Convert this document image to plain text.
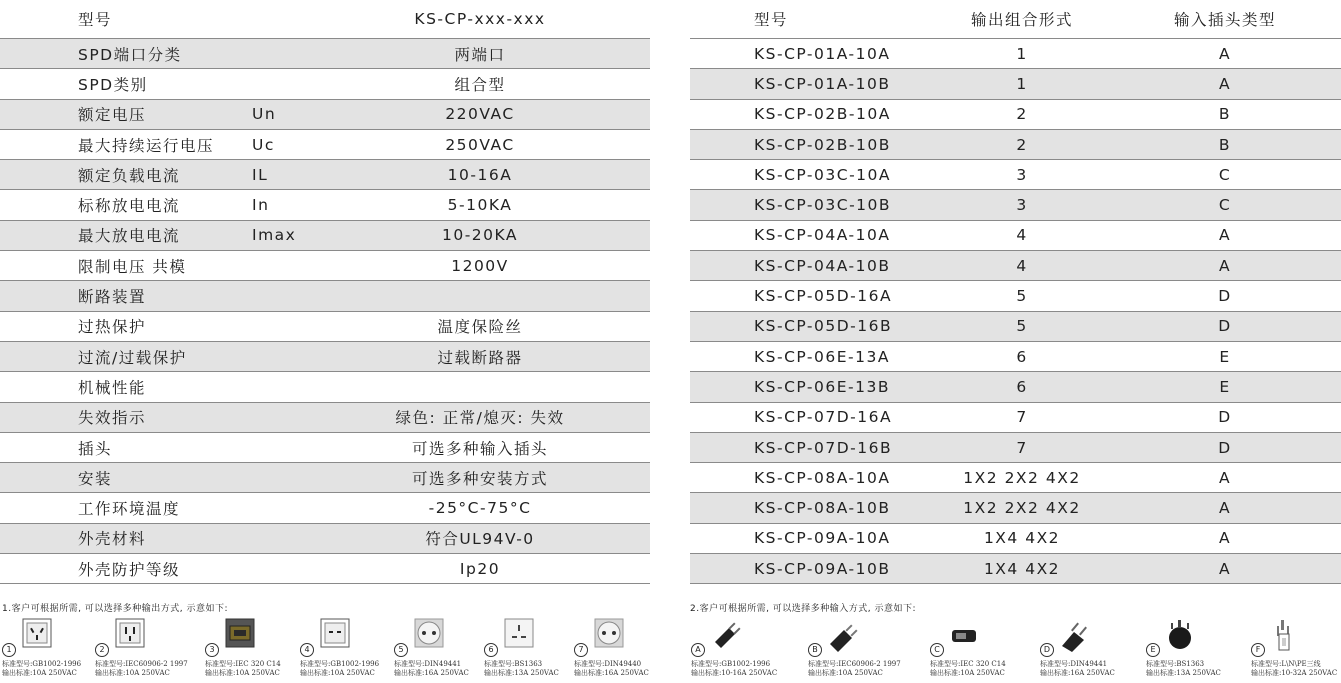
型号		KS-CP-xxx-xxx
SPD端口分类		两端口
SPD类别		组合型
额定电压	Un	220VAC
最大持续运行电压	Uc	250VAC
额定负载电流	IL	10-16A
标称放电电流	In	5-10KA
最大放电电流	Imax	10-20KA
限制电压 共模		1200V
断路装置		
过热保护		温度保险丝
过流/过载保护		过载断路器
机械性能		
失效指示		绿色: 正常/熄灭: 失效
插头		可选多种输入插头
安装		可选多种安装方式
工作环境温度		-25°C-75°C
外壳材料		符合UL94V-0
外壳防护等级		Ip20
1.客户可根据所需, 可以选择多种输出方式, 示意如下:
型号	输出组合形式	输入插头类型
KS-CP-01A-10A	1	A
KS-CP-01A-10B	1	A
KS-CP-02B-10A	2	B
KS-CP-02B-10B	2	B
KS-CP-03C-10A	3	C
KS-CP-03C-10B	3	C
KS-CP-04A-10A	4	A
KS-CP-04A-10B	4	A
KS-CP-05D-16A	5	D
KS-CP-05D-16B	5	D
KS-CP-06E-13A	6	E
KS-CP-06E-13B	6	E
KS-CP-07D-16A	7	D
KS-CP-07D-16B	7	D
KS-CP-08A-10A	1X2 2X2 4X2	A
KS-CP-08A-10B	1X2 2X2 4X2	A
KS-CP-09A-10A	1X4 4X2	A
KS-CP-09A-10B	1X4 4X2	A
2.客户可根据所需, 可以选择多种输入方式, 示意如下:
1
标准型号:GB1002-1996
输出标准:10A 250VAC
2
标准型号:IEC60906-2 1997
输出标准:10A 250VAC
3
标准型号:IEC 320 C14
输出标准:10A 250VAC
4
标准型号:GB1002-1996
输出标准:10A 250VAC
5
标准型号:DIN49441
输出标准:16A 250VAC
6
标准型号:BS1363
输出标准:13A 250VAC
7
标准型号:DIN49440
输出标准:16A 250VAC
A
标准型号:GB1002-1996
输出标准:10-16A 250VAC
B
标准型号:IEC60906-2 1997
输出标准:10A 250VAC
C
标准型号:IEC 320 C14
输出标准:10A 250VAC
D
标准型号:DIN49441
输出标准:16A 250VAC
E
标准型号:BS1363
输出标准:13A 250VAC
F
标准型号:L\N\PE三线
输出标准:10-32A 250VAC
